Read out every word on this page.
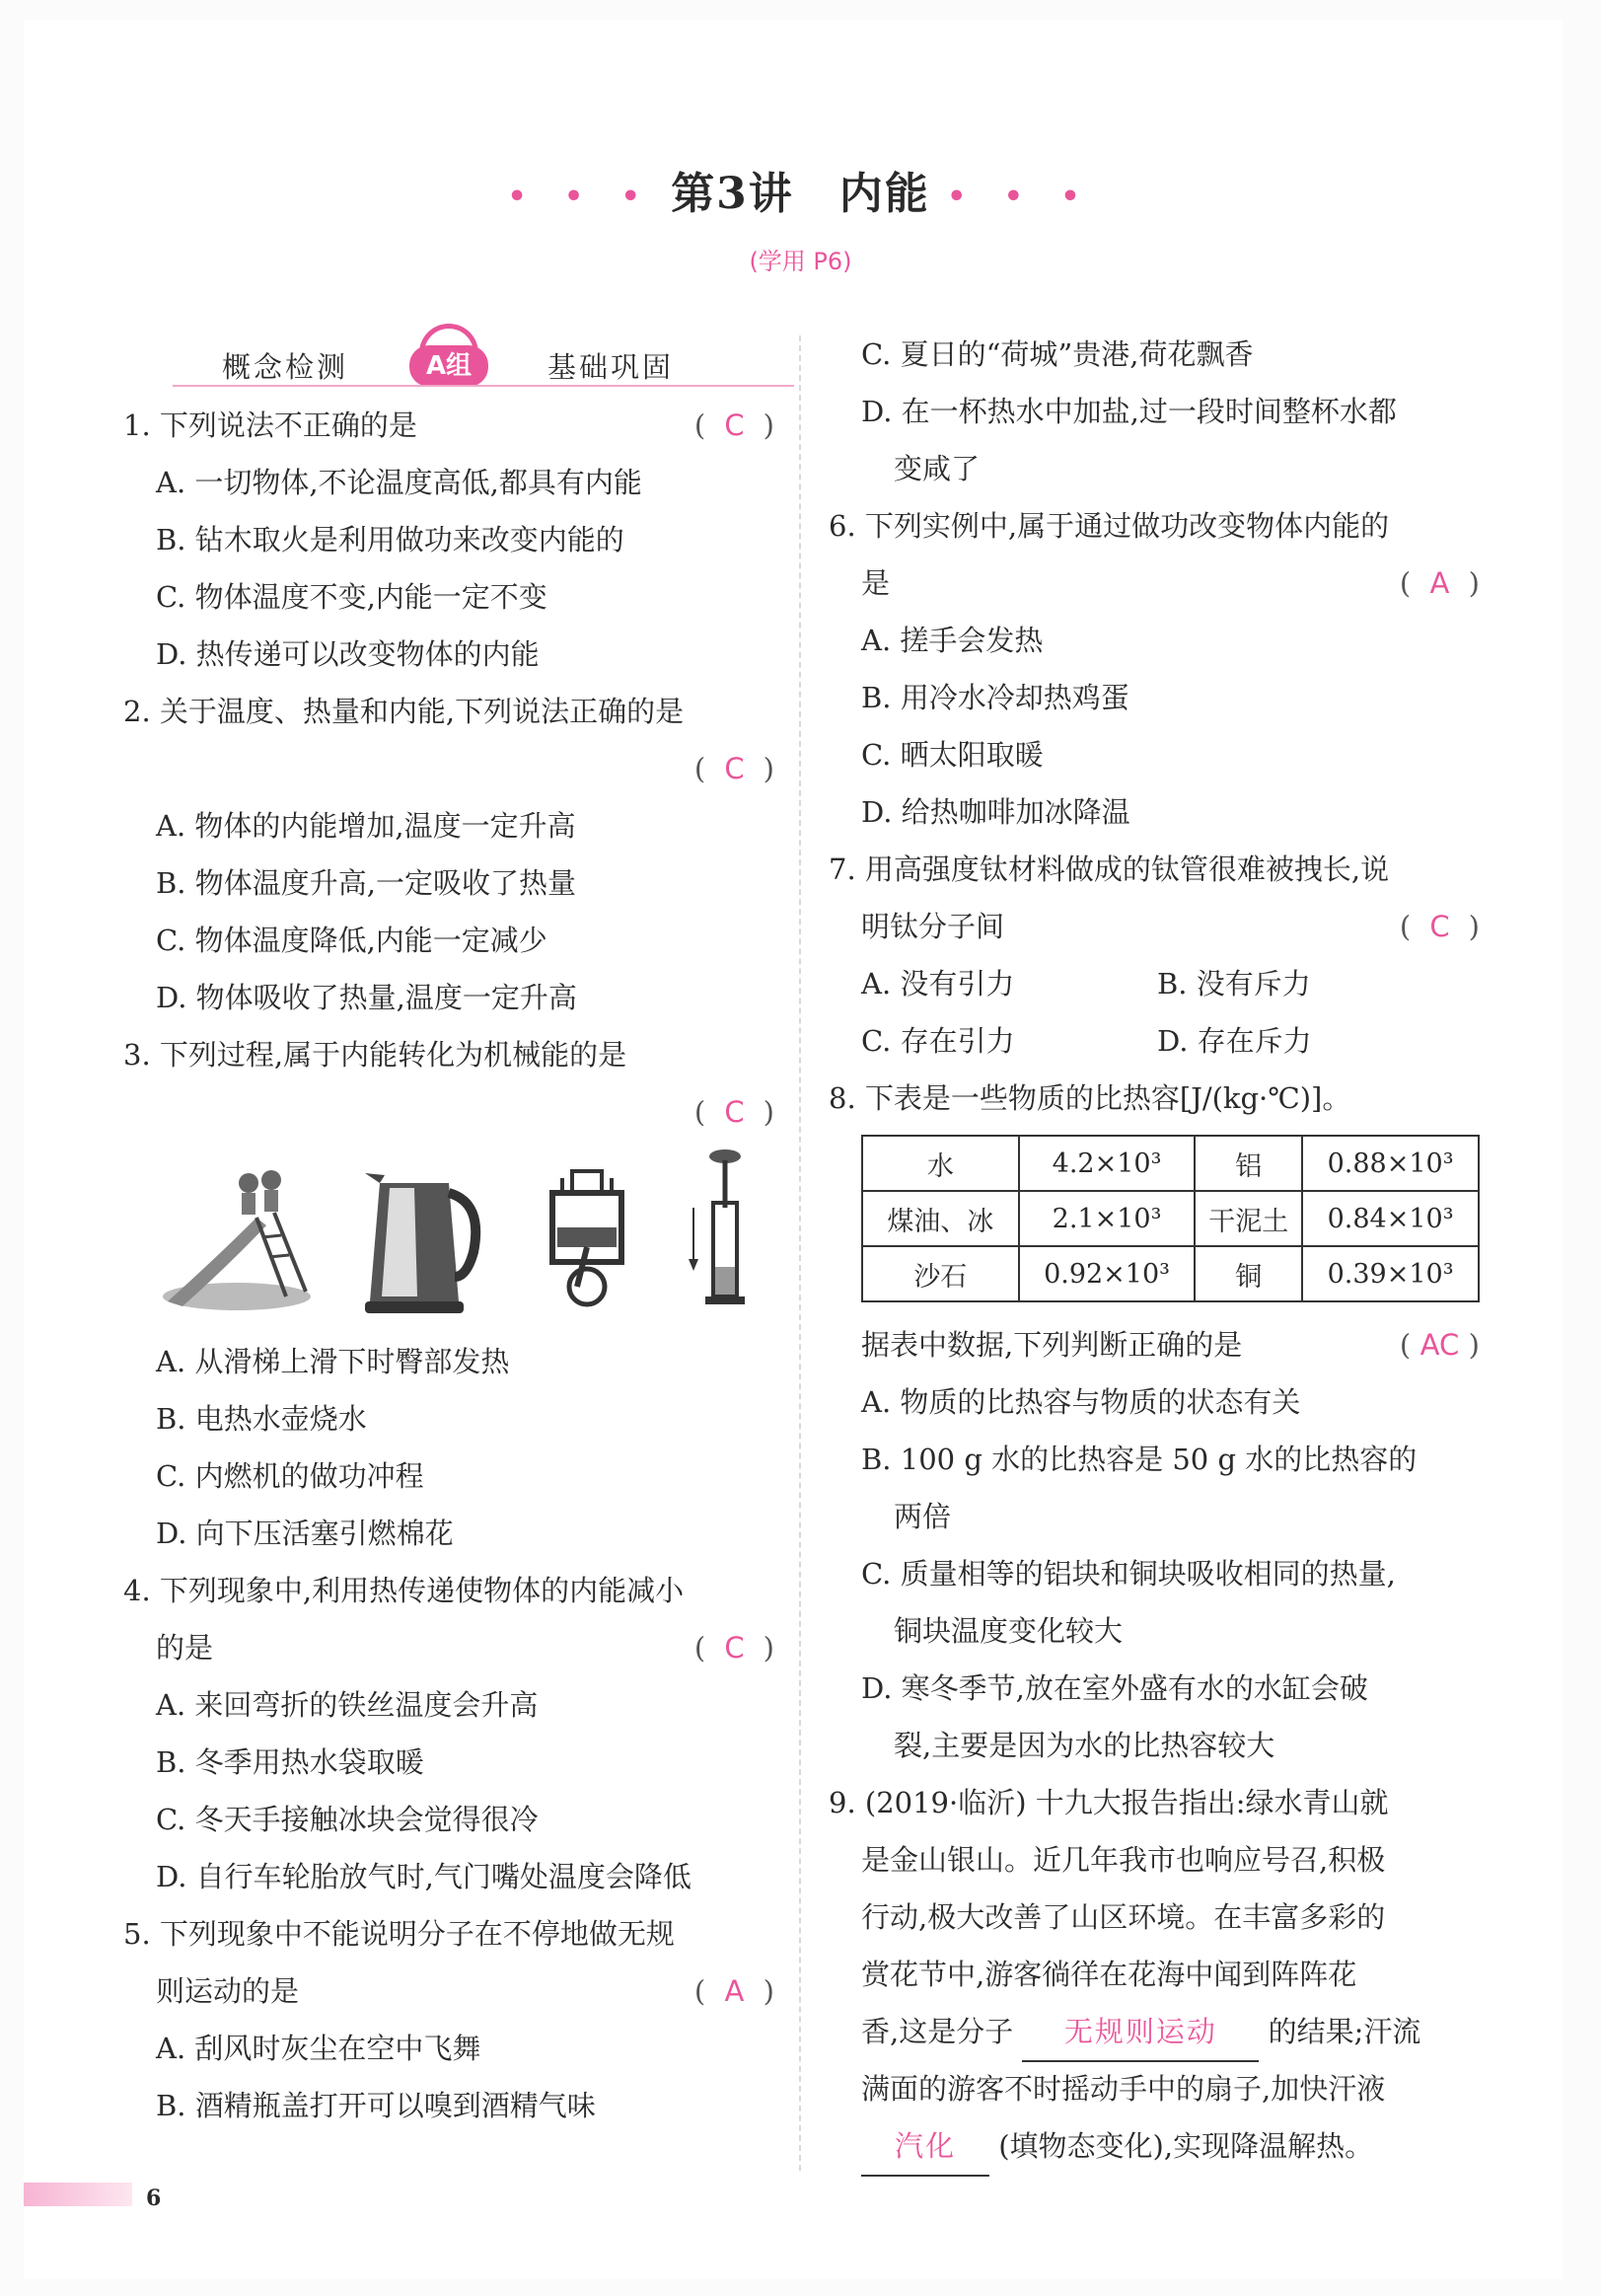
• • • 第3讲　内能 • • •
(学用 P6)
概念检测	A组	基础巩固
1. 下列说法不正确的是	( C )
A. 一切物体,不论温度高低,都具有内能
B. 钻木取火是利用做功来改变内能的
C. 物体温度不变,内能一定不变
D. 热传递可以改变物体的内能
2. 关于温度、热量和内能,下列说法正确的是
( C )
A. 物体的内能增加,温度一定升高
B. 物体温度升高,一定吸收了热量
C. 物体温度降低,内能一定减少
D. 物体吸收了热量,温度一定升高
3. 下列过程,属于内能转化为机械能的是
( C )
A. 从滑梯上滑下时臀部发热
B. 电热水壶烧水
C. 内燃机的做功冲程
D. 向下压活塞引燃棉花
4. 下列现象中,利用热传递使物体的内能减小
的是	( C )
A. 来回弯折的铁丝温度会升高
B. 冬季用热水袋取暖
C. 冬天手接触冰块会觉得很冷
D. 自行车轮胎放气时,气门嘴处温度会降低
5. 下列现象中不能说明分子在不停地做无规
则运动的是	( A )
A. 刮风时灰尘在空中飞舞
B. 酒精瓶盖打开可以嗅到酒精气味
C. 夏日的“荷城”贵港,荷花飘香
D. 在一杯热水中加盐,过一段时间整杯水都
变咸了
6. 下列实例中,属于通过做功改变物体内能的
是	( A )
A. 搓手会发热
B. 用冷水冷却热鸡蛋
C. 晒太阳取暖
D. 给热咖啡加冰降温
7. 用高强度钛材料做成的钛管很难被拽长,说
明钛分子间	( C )
A. 没有引力	B. 没有斥力
C. 存在引力	D. 存在斥力
8. 下表是一些物质的比热容[J/(kg·℃)]。
水	4.2×10³	铝	0.88×10³
煤油、冰	2.1×10³	干泥土	0.84×10³
沙石	0.92×10³	铜	0.39×10³
据表中数据,下列判断正确的是	( AC )
A. 物质的比热容与物质的状态有关
B. 100 g 水的比热容是 50 g 水的比热容的
两倍
C. 质量相等的铝块和铜块吸收相同的热量,
铜块温度变化较大
D. 寒冬季节,放在室外盛有水的水缸会破
裂,主要是因为水的比热容较大
9. (2019·临沂) 十九大报告指出:绿水青山就
是金山银山。近几年我市也响应号召,积极
行动,极大改善了山区环境。在丰富多彩的
赏花节中,游客徜徉在花海中闻到阵阵花
香,这是分子 无规则运动 的结果;汗流
满面的游客不时摇动手中的扇子,加快汗液
汽化 (填物态变化),实现降温解热。
6
